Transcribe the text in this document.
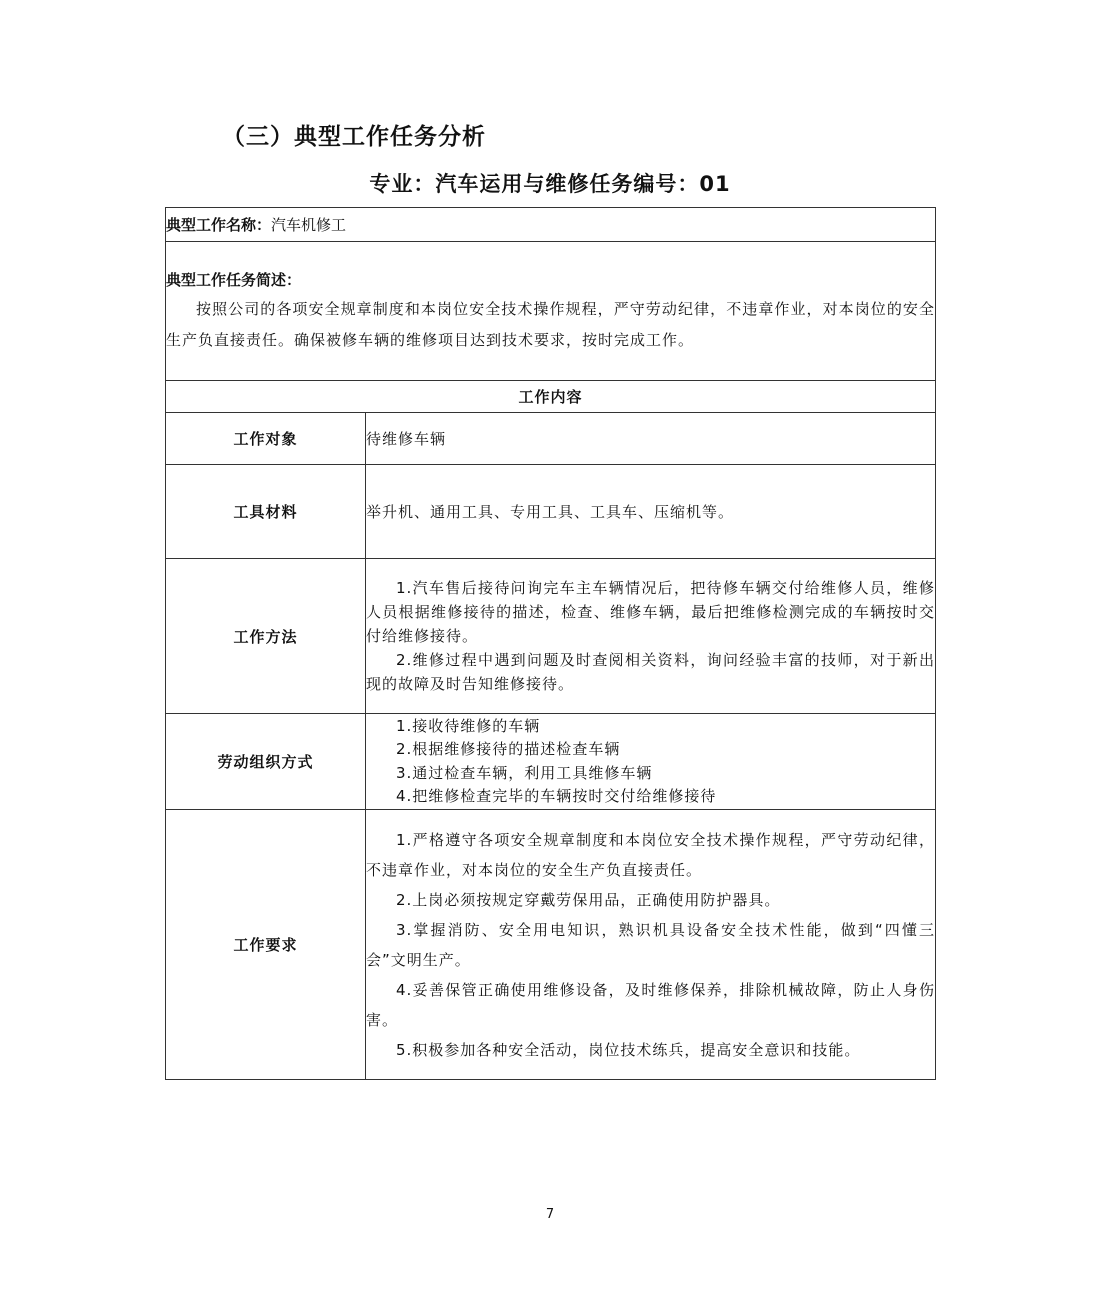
（三）典型工作任务分析
专业：汽车运用与维修任务编号：01
典型工作名称：汽车机修工	

典型工作任务简述：
按照公司的各项安全规章制度和本岗位安全技术操作规程，严守劳动纪律，不违章作业，对本岗位的安全生产负直接责任。确保被修车辆的维修项目达到技术要求，按时完成工作。	

工作内容	
工作对象	待维修车辆
工具材料	举升机、通用工具、专用工具、工具车、压缩机等。
工作方法	1.汽车售后接待问询完车主车辆情况后，把待修车辆交付给维修人员，维修人员根据维修接待的描述，检查、维修车辆，最后把维修检测完成的车辆按时交付给维修接待。
2.维修过程中遇到问题及时查阅相关资料，询问经验丰富的技师，对于新出现的故障及时告知维修接待。

劳动组织方式	1.接收待维修的车辆
2.根据维修接待的描述检查车辆
3.通过检查车辆，利用工具维修车辆
4.把维修检查完毕的车辆按时交付给维修接待

工作要求	1.严格遵守各项安全规章制度和本岗位安全技术操作规程，严守劳动纪律，不违章作业，对本岗位的安全生产负直接责任。
2.上岗必须按规定穿戴劳保用品，正确使用防护器具。
3.掌握消防、安全用电知识，熟识机具设备安全技术性能，做到“四懂三会”文明生产。
4.妥善保管正确使用维修设备，及时维修保养，排除机械故障，防止人身伤害。
5.积极参加各种安全活动，岗位技术练兵，提高安全意识和技能。
7
